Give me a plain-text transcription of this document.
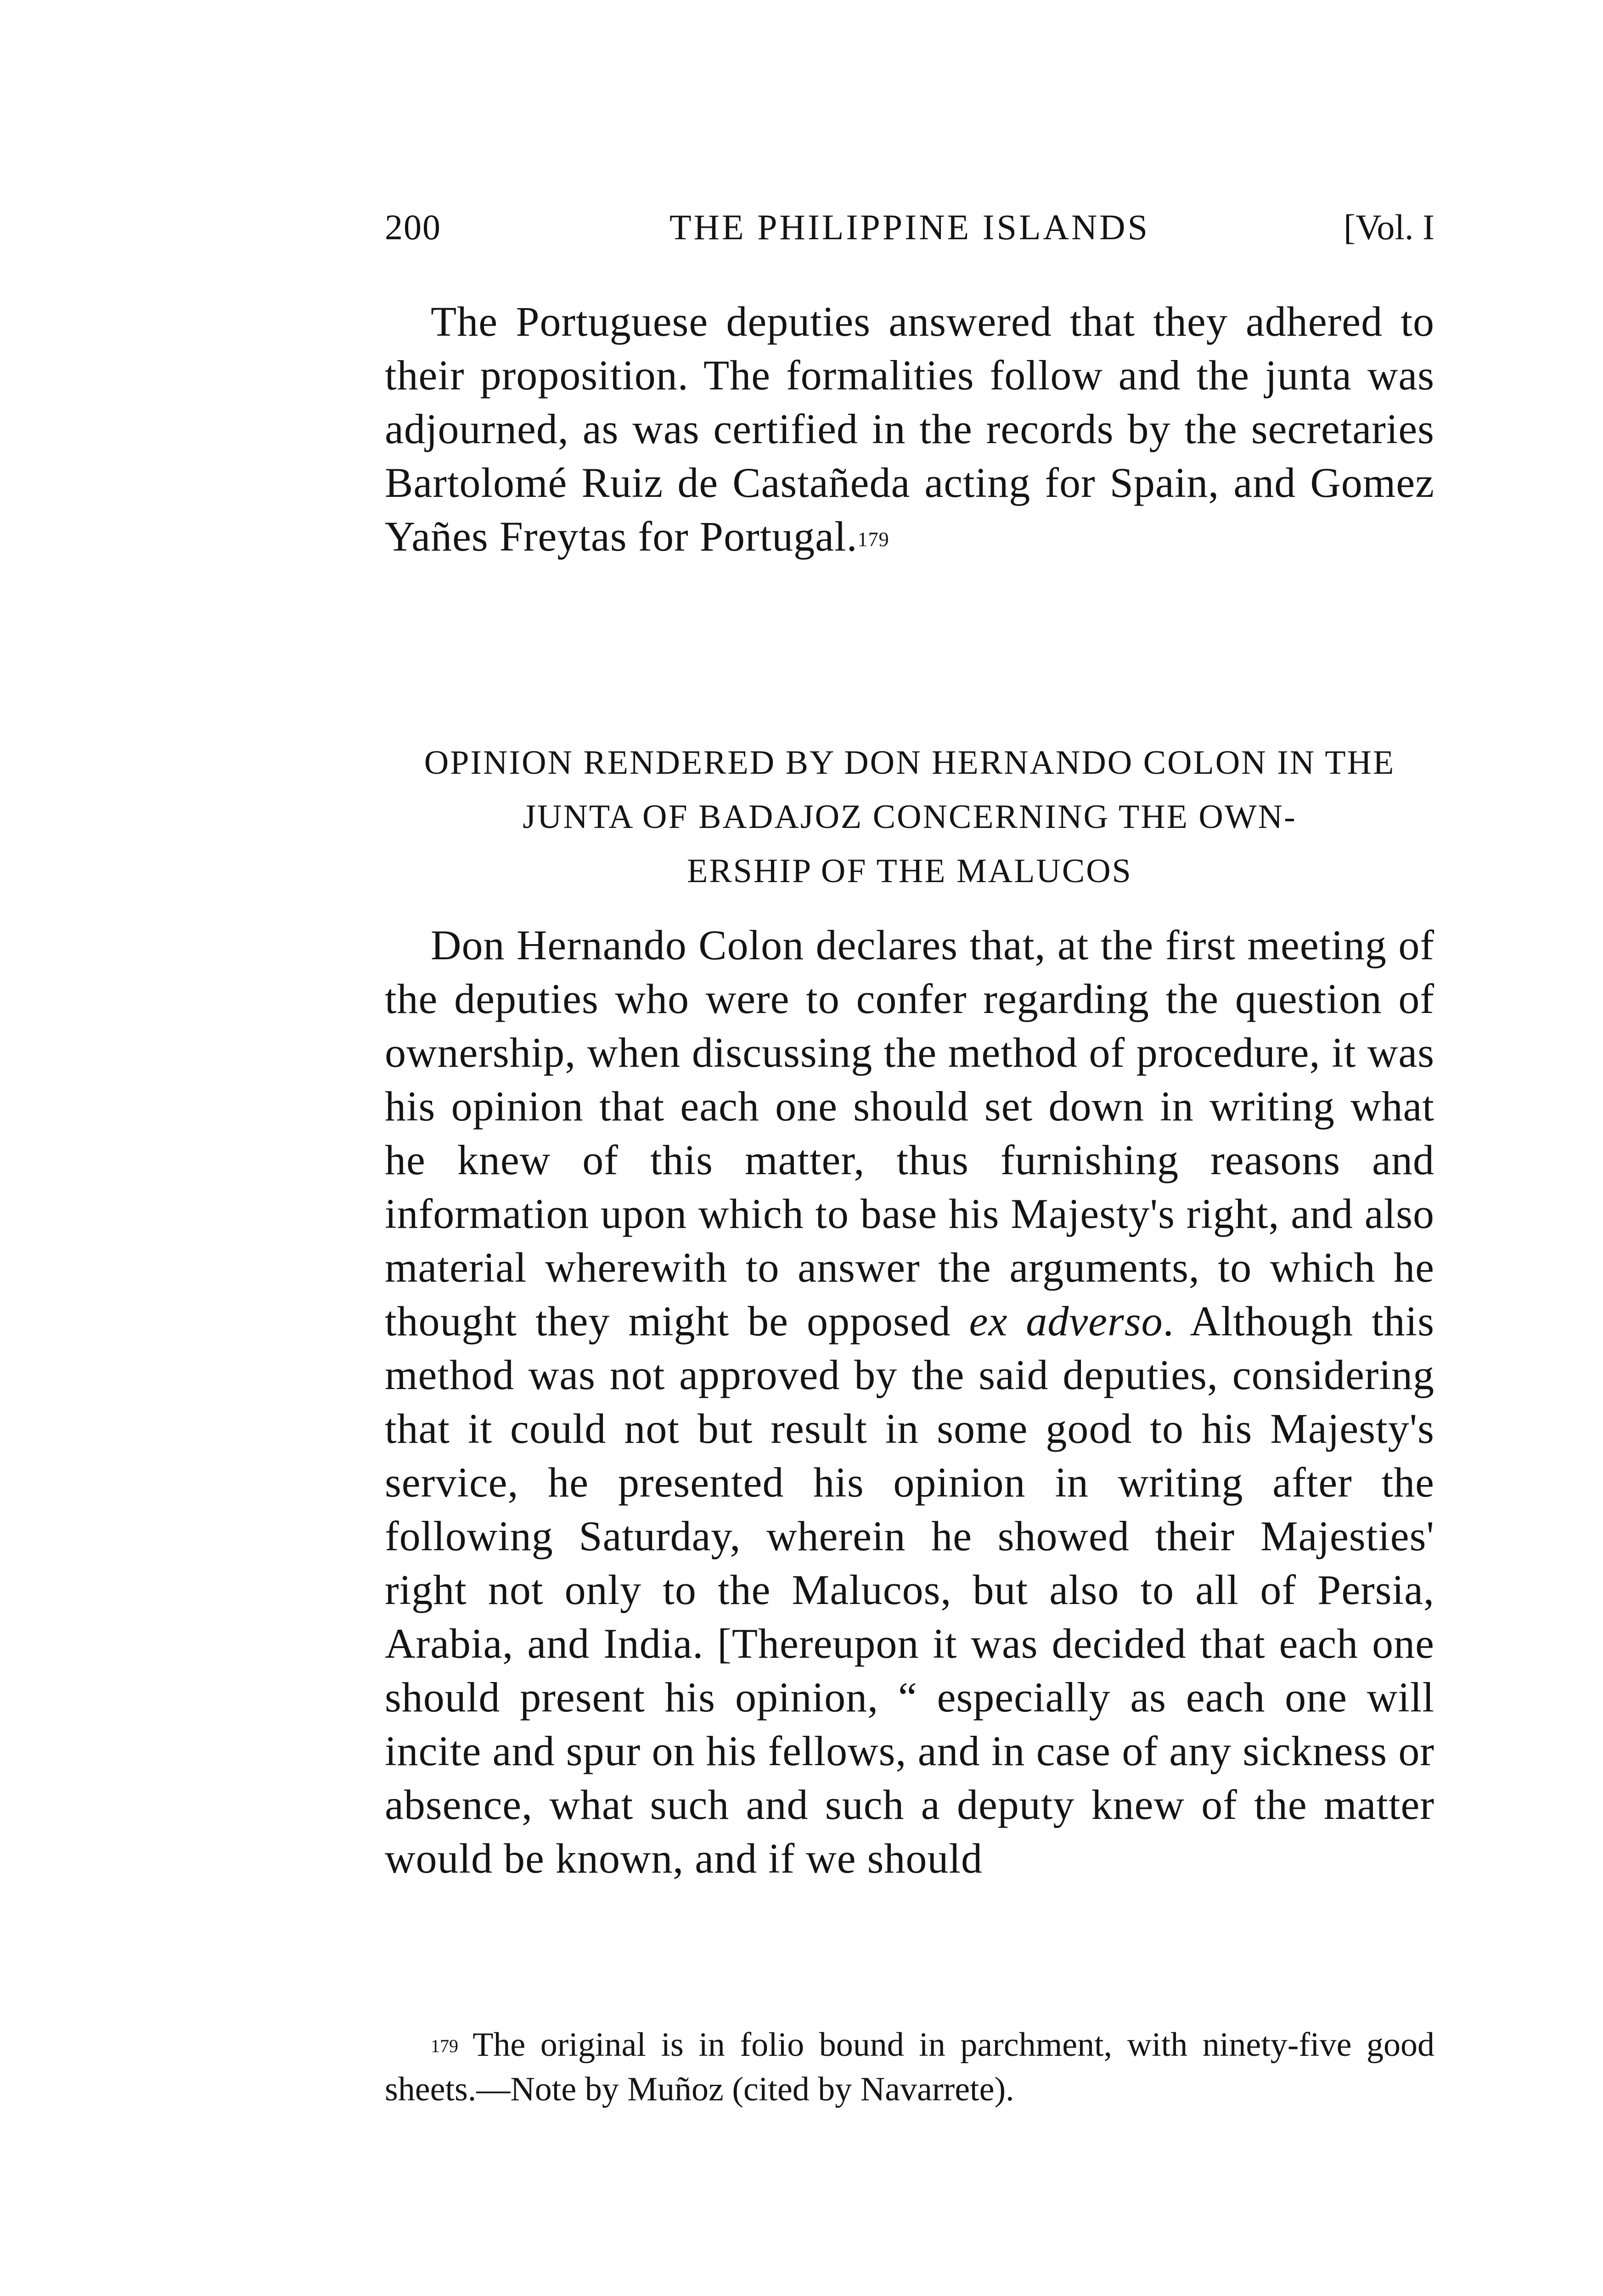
200	THE PHILIPPINE ISLANDS	[Vol. I

The Portuguese deputies answered that they adhered to their proposition. The formalities follow and the junta was adjourned, as was certified in the records by the secretaries Bartolomé Ruiz de Castañeda acting for Spain, and Gomez Yañes Freytas for Portugal.$^{179}$

OPINION RENDERED BY DON HERNANDO COLON IN THE
JUNTA OF BADAJOZ CONCERNING THE OWN-
ERSHIP OF THE MALUCOS

Don Hernando Colon declares that, at the first meeting of the deputies who were to confer regarding the question of ownership, when discussing the method of procedure, it was his opinion that each one should set down in writing what he knew of this matter, thus furnishing reasons and information upon which to base his Majesty's right, and also material wherewith to answer the arguments, to which he thought they might be opposed ex adverso. Although this method was not approved by the said deputies, considering that it could not but result in some good to his Majesty's service, he presented his opinion in writing after the following Saturday, wherein he showed their Majesties' right not only to the Malucos, but also to all of Persia, Arabia, and India. [Thereupon it was decided that each one should present his opinion, “ especially as each one will incite and spur on his fellows, and in case of any sickness or absence, what such and such a deputy knew of the matter would be known, and if we should

$^{179}$ The original is in folio bound in parchment, with ninety-five good sheets.—Note by Muñoz (cited by Navarrete).
